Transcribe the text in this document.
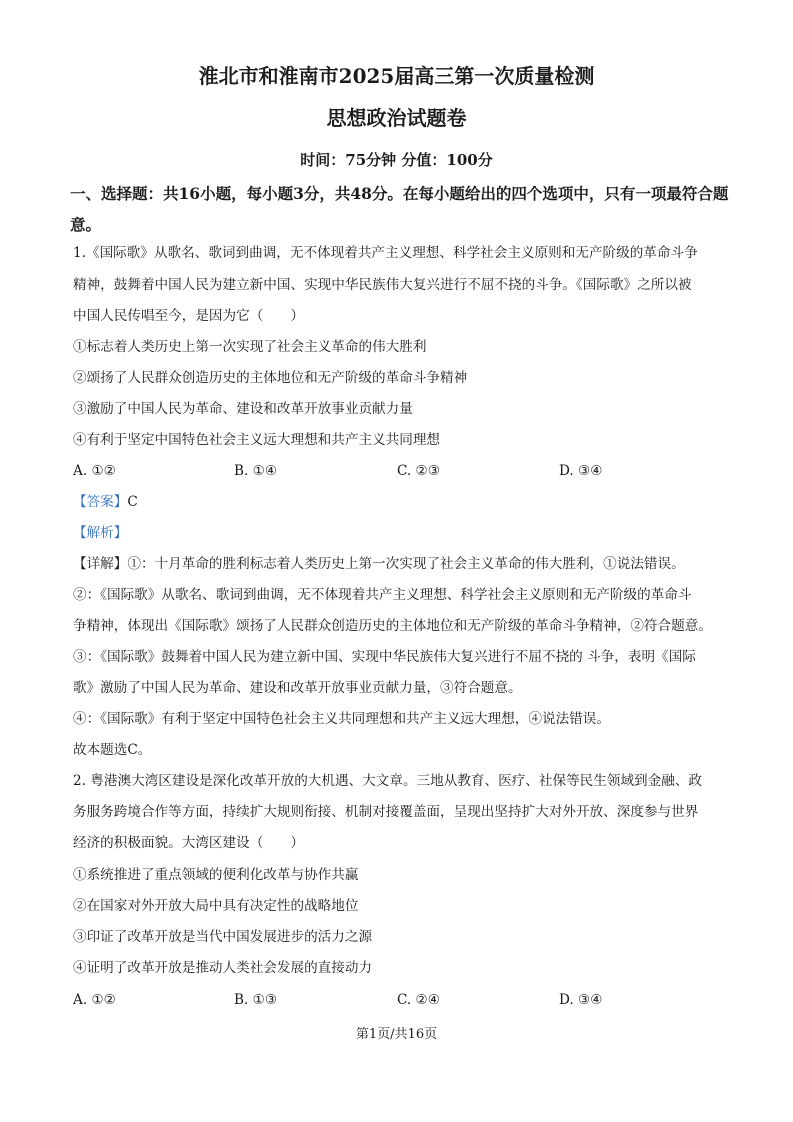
淮北市和淮南市2025届高三第一次质量检测
思想政治试题卷
时间：75分钟 分值：100分
一、选择题：共16小题，每小题3分，共48分。在每小题给出的四个选项中，只有一项最符合题意。
1.《国际歌》从歌名、歌词到曲调，无不体现着共产主义理想、科学社会主义原则和无产阶级的革命斗争
精神，鼓舞着中国人民为建立新中国、实现中华民族伟大复兴进行不屈不挠的斗争。《国际歌》之所以被
中国人民传唱至今，是因为它（　　）
①标志着人类历史上第一次实现了社会主义革命的伟大胜利
②颂扬了人民群众创造历史的主体地位和无产阶级的革命斗争精神
③激励了中国人民为革命、建设和改革开放事业贡献力量
④有利于坚定中国特色社会主义远大理想和共产主义共同理想
A. ①②	B. ①④	C. ②③	D. ③④
【答案】C
【解析】
【详解】①：十月革命的胜利标志着人类历史上第一次实现了社会主义革命的伟大胜利，①说法错误。
②：《国际歌》从歌名、歌词到曲调，无不体现着共产主义理想、科学社会主义原则和无产阶级的革命斗
争精神，体现出《国际歌》颂扬了人民群众创造历史的主体地位和无产阶级的革命斗争精神，②符合题意。
③：《国际歌》鼓舞着中国人民为建立新中国、实现中华民族伟大复兴进行不屈不挠的 斗争，表明《国际
歌》激励了中国人民为革命、建设和改革开放事业贡献力量，③符合题意。
④：《国际歌》有利于坚定中国特色社会主义共同理想和共产主义远大理想，④说法错误。
故本题选C。
2. 粤港澳大湾区建设是深化改革开放的大机遇、大文章。三地从教育、医疗、社保等民生领域到金融、政
务服务跨境合作等方面，持续扩大规则衔接、机制对接覆盖面，呈现出坚持扩大对外开放、深度参与世界
经济的积极面貌。大湾区建设（　　）
①系统推进了重点领域的便利化改革与协作共赢
②在国家对外开放大局中具有决定性的战略地位
③印证了改革开放是当代中国发展进步的活力之源
④证明了改革开放是推动人类社会发展的直接动力
A. ①②	B. ①③	C. ②④	D. ③④
第1页/共16页
